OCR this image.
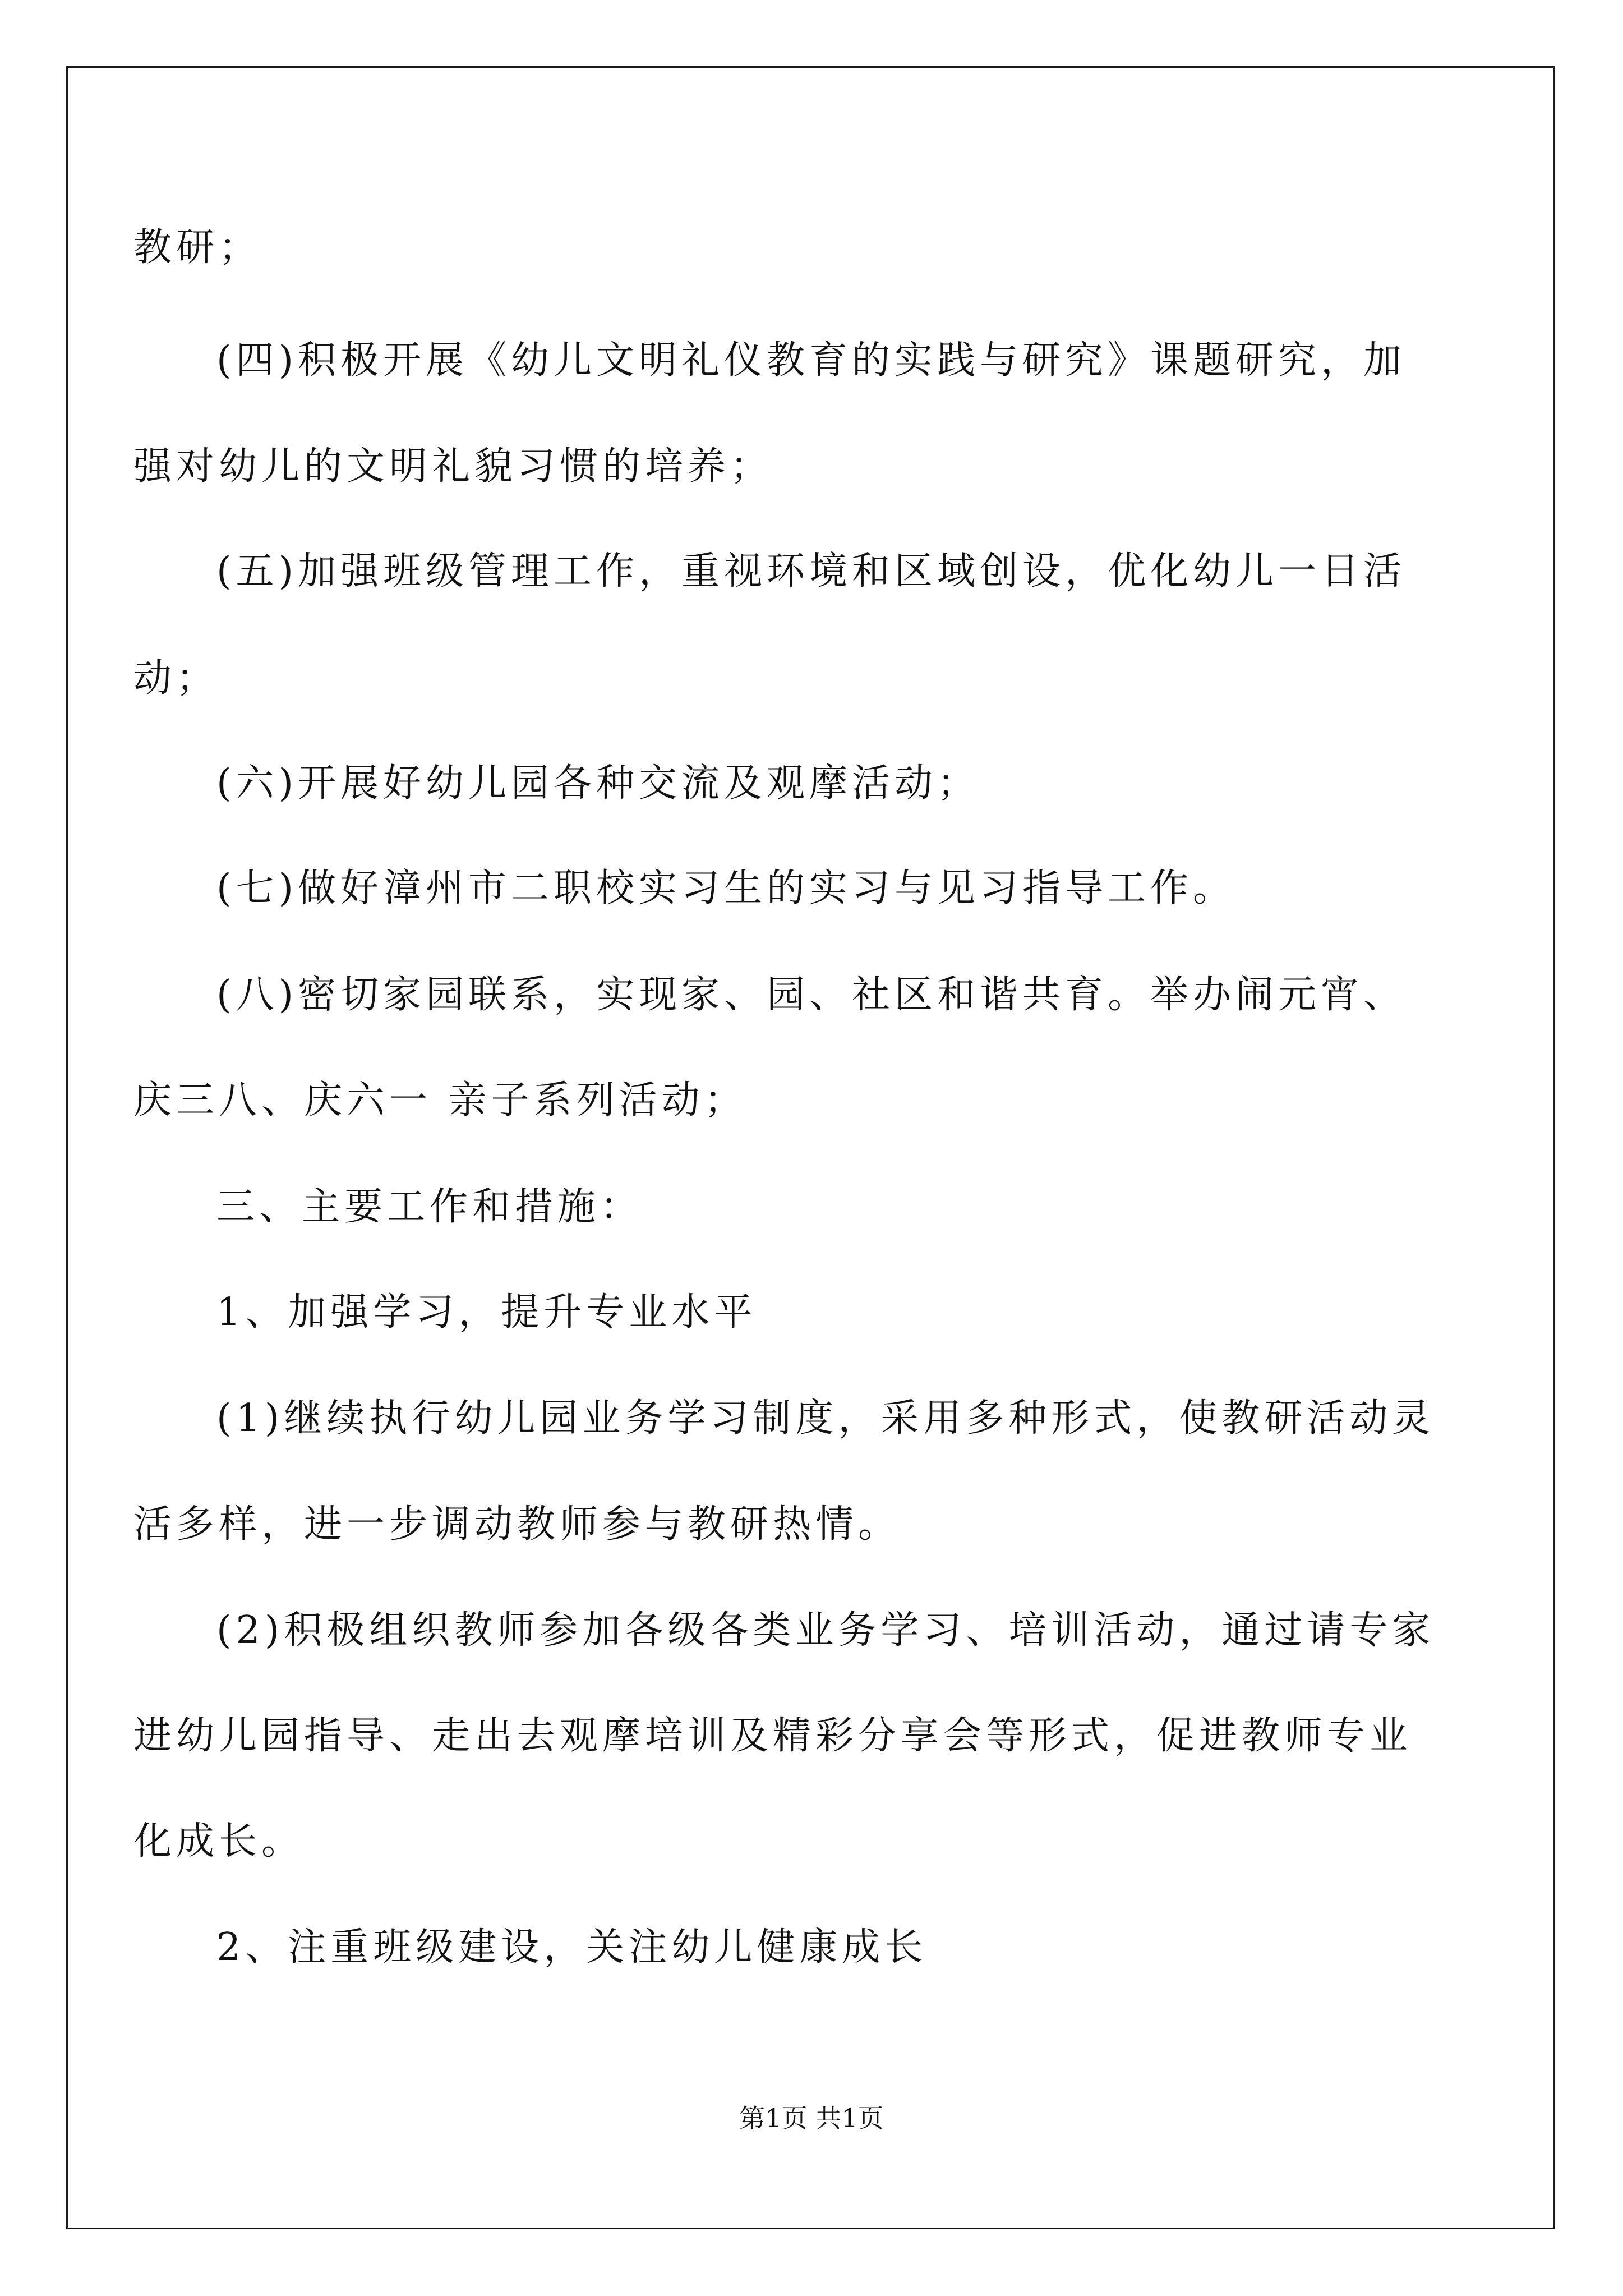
教研；

(四)积极开展《幼儿文明礼仪教育的实践与研究》课题研究，加

强对幼儿的文明礼貌习惯的培养；

(五)加强班级管理工作，重视环境和区域创设，优化幼儿一日活

动；

(六)开展好幼儿园各种交流及观摩活动；

(七)做好漳州市二职校实习生的实习与见习指导工作。

(八)密切家园联系，实现家、园、社区和谐共育。举办闹元宵、

庆三八、庆六一 亲子系列活动；

三、主要工作和措施：

1、加强学习，提升专业水平

(1)继续执行幼儿园业务学习制度，采用多种形式，使教研活动灵

活多样，进一步调动教师参与教研热情。

(2)积极组织教师参加各级各类业务学习、培训活动，通过请专家

进幼儿园指导、走出去观摩培训及精彩分享会等形式，促进教师专业

化成长。

2、注重班级建设，关注幼儿健康成长

第1页 共1页
